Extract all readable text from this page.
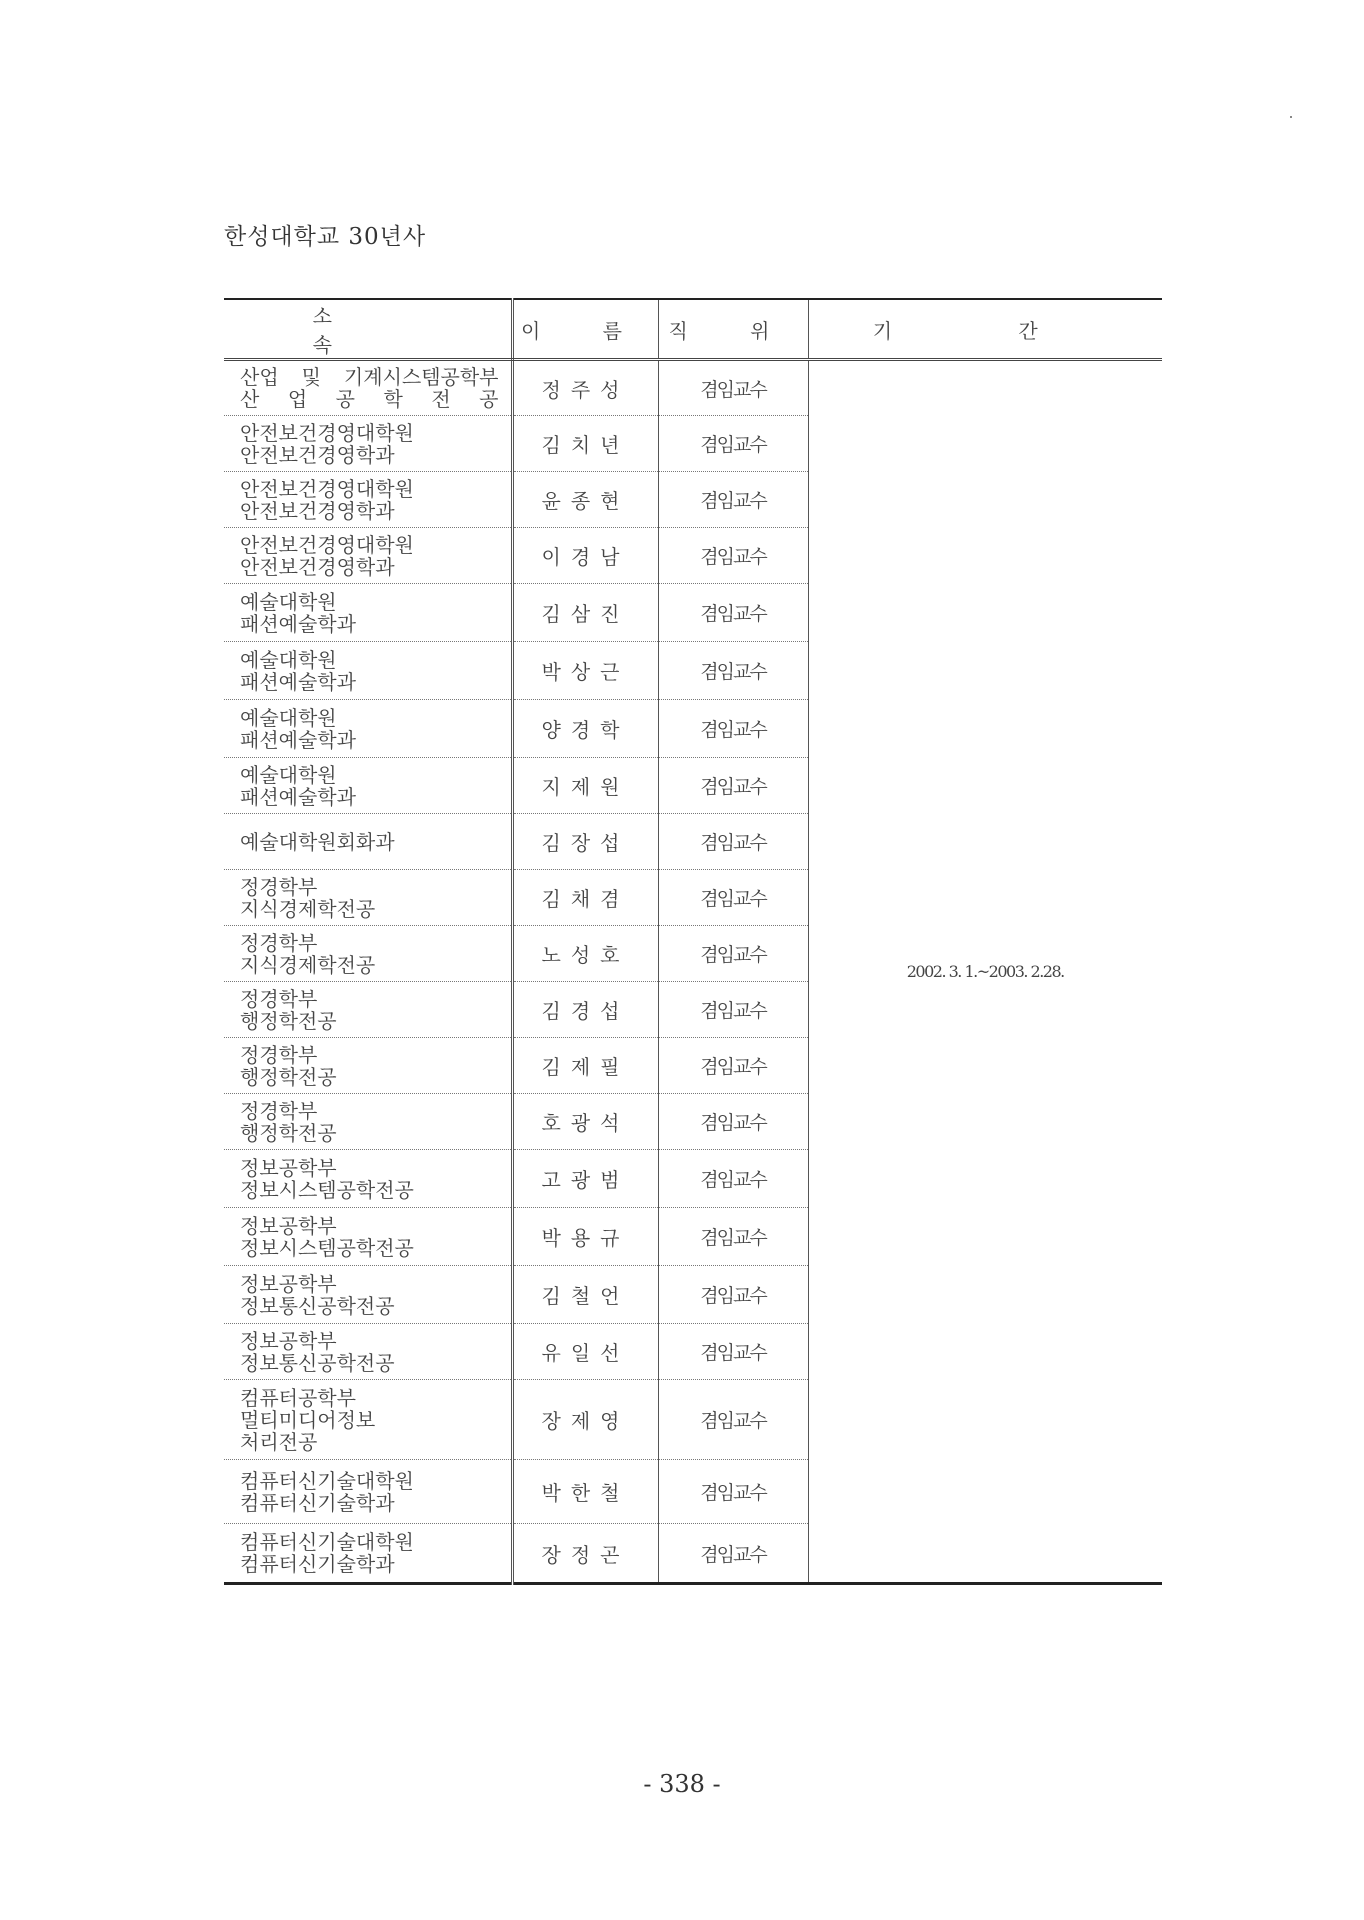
한성대학교 30년사
소 속	이 름	직 위	기 간

산업 및 기계시스템공학부
산 업 공 학 전 공	정주성	겸임교수	2002. 3. 1.~2003. 2.28.

안전보건경영대학원
안전보건경영학과	김치년	겸임교수	

안전보건경영대학원
안전보건경영학과	윤종현	겸임교수	

안전보건경영대학원
안전보건경영학과	이경남	겸임교수	

예술대학원
패션예술학과	김삼진	겸임교수	

예술대학원
패션예술학과	박상근	겸임교수	

예술대학원
패션예술학과	양경학	겸임교수	

예술대학원
패션예술학과	지제원	겸임교수	

예술대학원회화과	김장섭	겸임교수	

정경학부
지식경제학전공	김채겸	겸임교수	

정경학부
지식경제학전공	노성호	겸임교수	

정경학부
행정학전공	김경섭	겸임교수	

정경학부
행정학전공	김제필	겸임교수	

정경학부
행정학전공	호광석	겸임교수	

정보공학부
정보시스템공학전공	고광범	겸임교수	

정보공학부
정보시스템공학전공	박용규	겸임교수	

정보공학부
정보통신공학전공	김철언	겸임교수	

정보공학부
정보통신공학전공	유일선	겸임교수	

컴퓨터공학부
멀티미디어정보
처리전공	장제영	겸임교수	

컴퓨터신기술대학원
컴퓨터신기술학과	박한철	겸임교수	

컴퓨터신기술대학원
컴퓨터신기술학과	장정곤	겸임교수	
- 338 -
